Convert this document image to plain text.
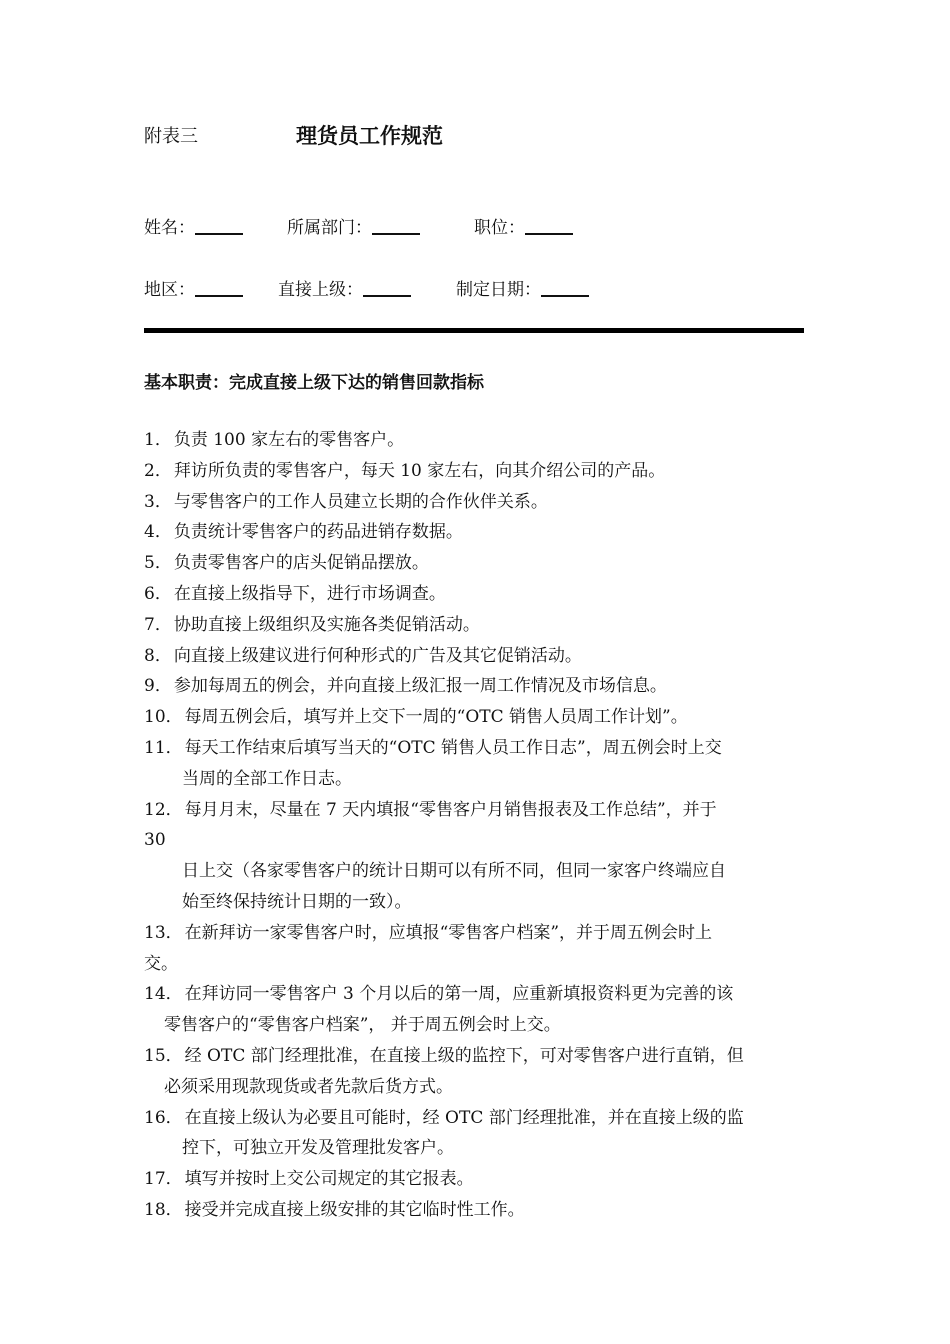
附表三	理货员工作规范
姓名：	所属部门：	职位：
地区：	直接上级：	制定日期：
基本职责：完成直接上级下达的销售回款指标

1． 负责 100 家左右的零售客户。

2． 拜访所负责的零售客户，每天 10 家左右，向其介绍公司的产品。

3． 与零售客户的工作人员建立长期的合作伙伴关系。

4． 负责统计零售客户的药品进销存数据。

5． 负责零售客户的店头促销品摆放。

6． 在直接上级指导下，进行市场调查。

7． 协助直接上级组织及实施各类促销活动。

8． 向直接上级建议进行何种形式的广告及其它促销活动。

9． 参加每周五的例会，并向直接上级汇报一周工作情况及市场信息。

10． 每周五例会后，填写并上交下一周的“OTC 销售人员周工作计划”。

11． 每天工作结束后填写当天的“OTC 销售人员工作日志”，周五例会时上交

当周的全部工作日志。

12． 每月月末，尽量在 7 天内填报“零售客户月销售报表及工作总结”，并于

30

日上交（各家零售客户的统计日期可以有所不同，但同一家客户终端应自

始至终保持统计日期的一致）。

13． 在新拜访一家零售客户时，应填报“零售客户档案”，并于周五例会时上

交。

14． 在拜访同一零售客户 3 个月以后的第一周，应重新填报资料更为完善的该

零售客户的“零售客户档案”， 并于周五例会时上交。

15． 经 OTC 部门经理批准，在直接上级的监控下，可对零售客户进行直销，但

必须采用现款现货或者先款后货方式。

16． 在直接上级认为必要且可能时，经 OTC 部门经理批准，并在直接上级的监

控下，可独立开发及管理批发客户。

17． 填写并按时上交公司规定的其它报表。

18． 接受并完成直接上级安排的其它临时性工作。
